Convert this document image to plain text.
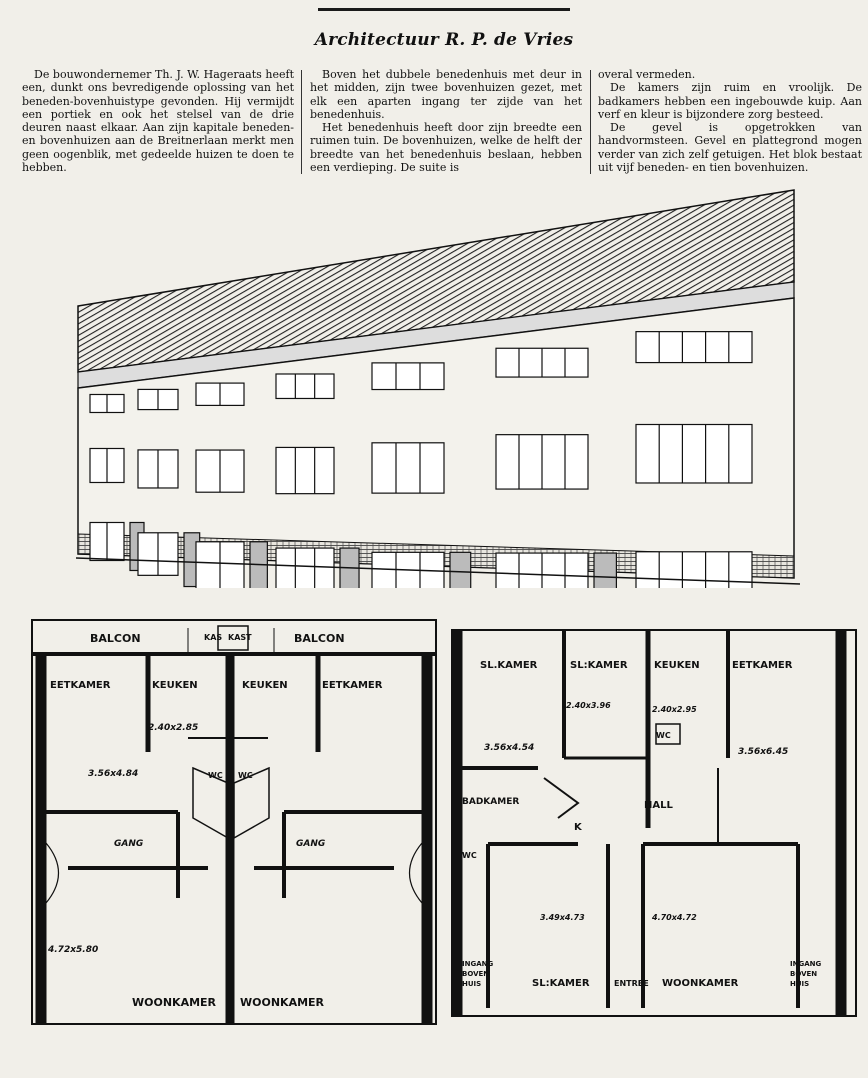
Architectuur R. P. de Vries

De bouwondernemer Th. J. W. Hageraats heeft een, dunkt ons bevredigende oplossing van het beneden-bovenhuistype gevonden. Hij vermijdt een portiek en ook het stelsel van de drie deuren naast elkaar. Aan zijn kapitale beneden- en bovenhuizen aan de Breitnerlaan merkt men geen oogenblik, met gedeelde huizen te doen te hebben.

Boven het dubbele benedenhuis met deur in het midden, zijn twee bovenhuizen gezet, met elk een aparten ingang ter zijde van het benedenhuis.

Het benedenhuis heeft door zijn breedte een ruimen tuin. De bovenhuizen, welke de helft der breedte van het benedenhuis beslaan, hebben een verdieping. De suite is

overal vermeden.

De kamers zijn ruim en vroolijk. De badkamers hebben een ingebouwde kuip. Aan verf en kleur is bijzondere zorg besteed.

De gevel is opgetrokken van handvormsteen. Gevel en plattegrond mogen verder van zich zelf getuigen. Het blok bestaat uit vijf beneden- en tien bovenhuizen.

BALCON	KAS KAST	BALCON
EETKAMER	KEUKEN	KEUKEN	EETKAMER
2.40x2.85
3.56x4.84	WC WC
GANG	GANG
4.72x5.80
WOONKAMER WOONKAMER
SL.KAMER	SL:KAMER	KEUKEN	EETKAMER
2.40x3.96	2.40x2.95
3.56x4.54
WC
3.56x6.45
BADKAMER	HALL
K
WC
3.49x4.73	4.70x4.72
SL:KAMER	ENTREE WOONKAMER
INGANG
BOVEN
HUIS
INGANG
BOVEN
HUIS
